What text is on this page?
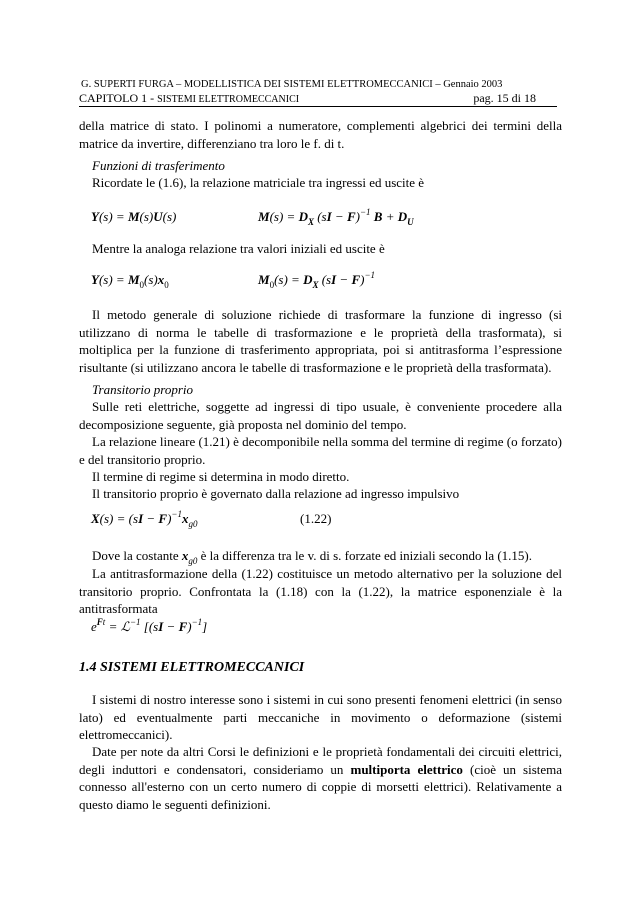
G. SUPERTI FURGA – MODELLISTICA DEI SISTEMI ELETTROMECCANICI – Gennaio 2003
CAPITOLO 1 - SISTEMI ELETTROMECCANICI	pag. 15 di 18
della matrice di stato. I polinomi a numeratore, complementi algebrici dei termini della matrice da invertire, differenziano tra loro le f. di t.
Funzioni di trasferimento
Ricordate le (1.6), la relazione matriciale tra ingressi ed uscite è
Y(s) = M(s)U(s)	$M(s) = D_X$ (sI − F)$^{-1}$ $B + D_U$
Mentre la analoga relazione tra valori iniziali ed uscite è
$Y(s) = M_0(s)x_0$	$M_0(s) = D_X$ (sI − F)$^{-1}$
Il metodo generale di soluzione richiede di trasformare la funzione di ingresso (si utilizzano di norma le tabelle di trasformazione e le proprietà della trasformata), si moltiplica per la funzione di trasferimento appropriata, poi si antitrasforma l’espressione risultante (si utilizzano ancora le tabelle di trasformazione e le proprietà della trasformata).
Transitorio proprio
Sulle reti elettriche, soggette ad ingressi di tipo usuale, è conveniente procedere alla decomposizione seguente, già proposta nel dominio del tempo.
La relazione lineare (1.21) è decomponibile nella somma del termine di regime (o forzato) e del transitorio proprio.
Il termine di regime si determina in modo diretto.
Il transitorio proprio è governato dalla relazione ad ingresso impulsivo
$X(s) = (sI - F)^{-1}x_{g0}$	(1.22)
Dove la costante $x_{g0}$ è la differenza tra le v. di s. forzate ed iniziali secondo la (1.15).
La antitrasformazione della (1.22) costituisce un metodo alternativo per la soluzione del transitorio proprio. Confrontata la (1.18) con la (1.22), la matrice esponenziale è la antitrasformata
$e^{Ft}$ = ℒ$^{-1}$ [(sI − F)$^{-1}$]
1.4 SISTEMI ELETTROMECCANICI
I sistemi di nostro interesse sono i sistemi in cui sono presenti fenomeni elettrici (in senso lato) ed eventualmente parti meccaniche in movimento o deformazione (sistemi elettromeccanici).
Date per note da altri Corsi le definizioni e le proprietà fondamentali dei circuiti elettrici, degli induttori e condensatori, consideriamo un multiporta elettrico (cioè un sistema connesso all'esterno con un certo numero di coppie di morsetti elettrici). Relativamente a questo diamo le seguenti definizioni.
